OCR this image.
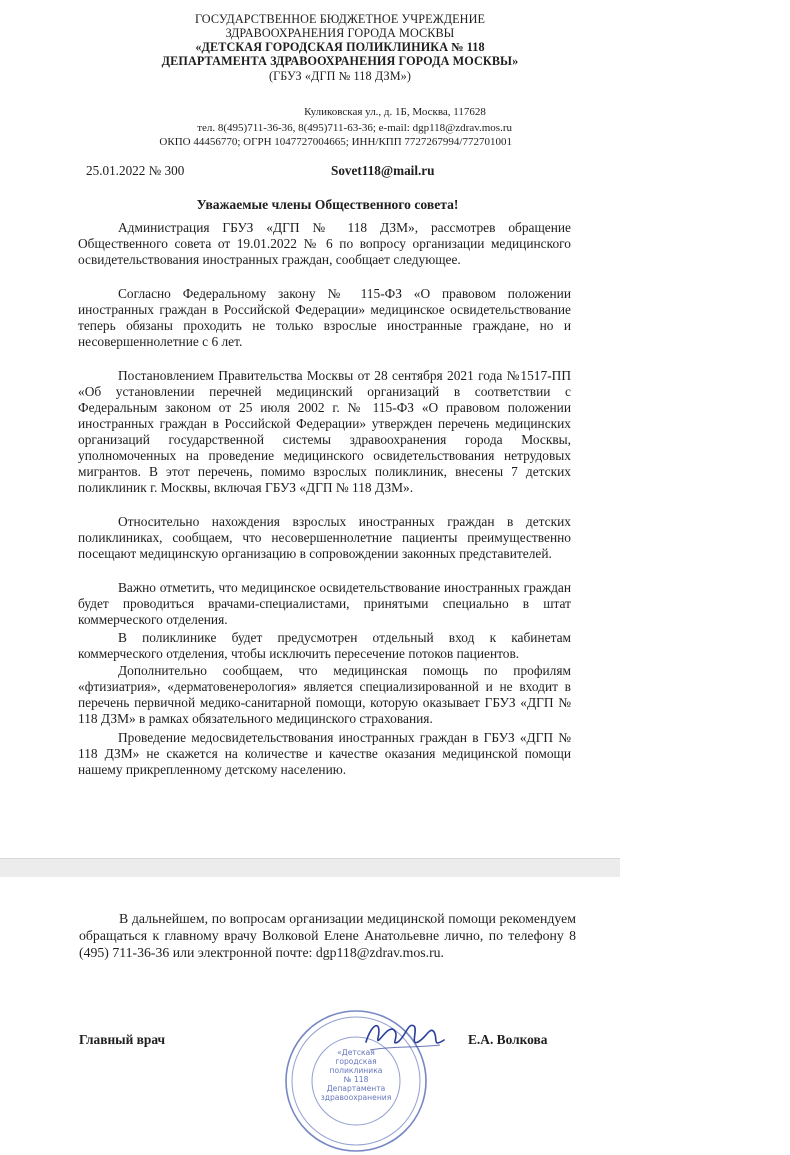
ГОСУДАРСТВЕННОЕ БЮДЖЕТНОЕ УЧРЕЖДЕНИЕ
ЗДРАВООХРАНЕНИЯ ГОРОДА МОСКВЫ
«ДЕТСКАЯ ГОРОДСКАЯ ПОЛИКЛИНИКА № 118
ДЕПАРТАМЕНТА ЗДРАВООХРАНЕНИЯ ГОРОДА МОСКВЫ»
(ГБУЗ «ДГП № 118 ДЗМ»)
Куликовская ул., д. 1Б, Москва, 117628
тел. 8(495)711-36-36, 8(495)711-63-36; e-mail: dgp118@zdrav.mos.ru
ОКПО 44456770; ОГРН 1047727004665; ИНН/КПП 7727267994/772701001
25.01.2022 № 300	Sovet118@mail.ru
Уважаемые члены Общественного совета!

Администрация ГБУЗ «ДГП № 118 ДЗМ», рассмотрев обращение Общественного совета от 19.01.2022 № 6 по вопросу организации медицинского освидетельствования иностранных граждан, сообщает следующее.

Согласно Федеральному закону № 115-ФЗ «О правовом положении иностранных граждан в Российской Федерации» медицинское освидетельствование теперь обязаны проходить не только взрослые иностранные граждане, но и несовершеннолетние с 6 лет.

Постановлением Правительства Москвы от 28 сентября 2021 года №1517-ПП «Об установлении перечней медицинский организаций в соответствии с Федеральным законом от 25 июля 2002 г. № 115-ФЗ «О правовом положении иностранных граждан в Российской Федерации» утвержден перечень медицинских организаций государственной системы здравоохранения города Москвы, уполномоченных на проведение медицинского освидетельствования нетрудовых мигрантов. В этот перечень, помимо взрослых поликлиник, внесены 7 детских поликлиник г. Москвы, включая ГБУЗ «ДГП № 118 ДЗМ».

Относительно нахождения взрослых иностранных граждан в детских поликлиниках, сообщаем, что несовершеннолетние пациенты преимущественно посещают медицинскую организацию в сопровождении законных представителей.

Важно отметить, что медицинское освидетельствование иностранных граждан будет проводиться врачами-специалистами, принятыми специально в штат коммерческого отделения.

В поликлинике будет предусмотрен отдельный вход к кабинетам коммерческого отделения, чтобы исключить пересечение потоков пациентов.

Дополнительно сообщаем, что медицинская помощь по профилям «фтизиатрия», «дерматовенерология» является специализированной и не входит в перечень первичной медико-санитарной помощи, которую оказывает ГБУЗ «ДГП № 118 ДЗМ» в рамках обязательного медицинского страхования.

Проведение медосвидетельствования иностранных граждан в ГБУЗ «ДГП № 118 ДЗМ» не скажется на количестве и качестве оказания медицинской помощи нашему прикрепленному детскому населению.

В дальнейшем, по вопросам организации медицинской помощи рекомендуем обращаться к главному врачу Волковой Елене Анатольевне лично, по телефону 8 (495) 711-36-36 или электронной почте: dgp118@zdrav.mos.ru.

«Детская
городская
поликлиника
№ 118
Департамента
здравоохранения
Главный врач	Е.А. Волкова
